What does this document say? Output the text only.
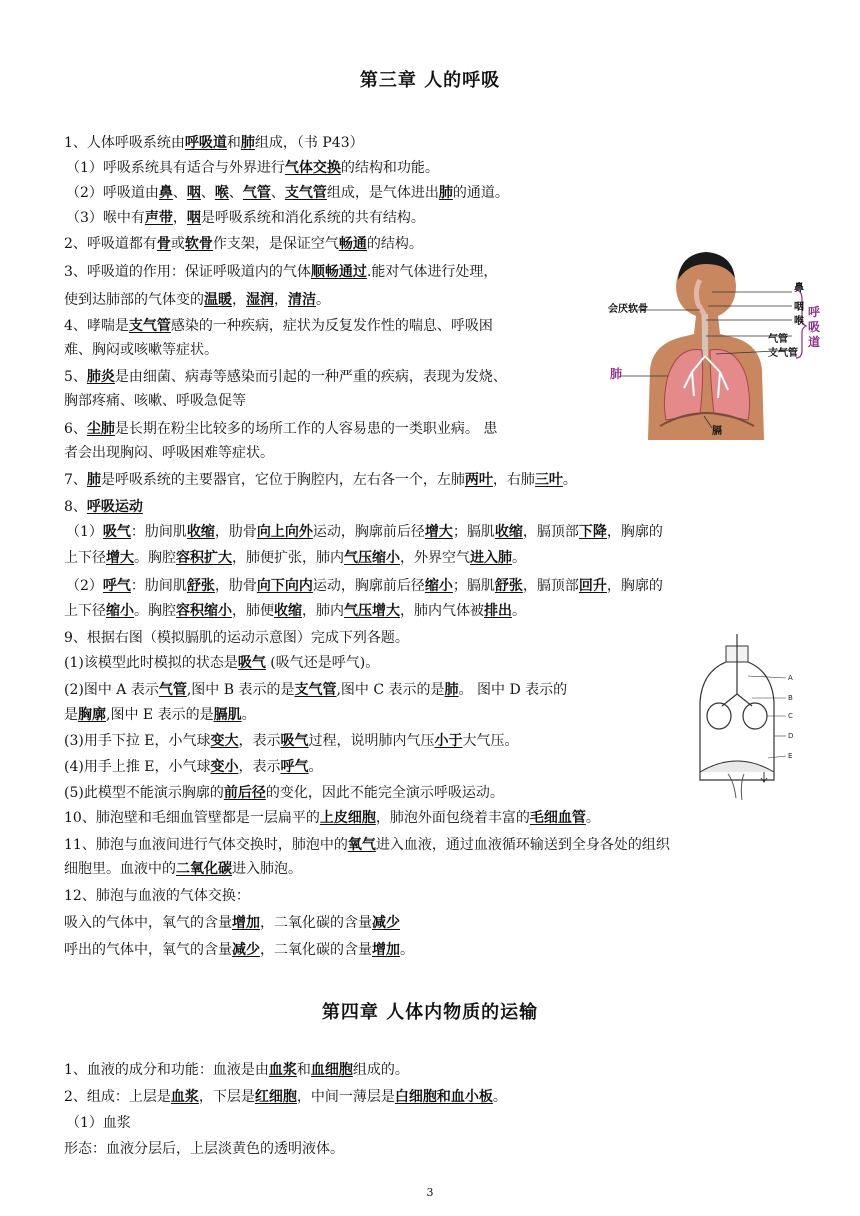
第三章 人的呼吸
1、人体呼吸系统由呼吸道和肺组成，（书 P43）
（1）呼吸系统具有适合与外界进行气体交换的结构和功能。
（2）呼吸道由鼻、咽、喉、气管、支气管组成，是气体进出肺的通道。
（3）喉中有声带，咽是呼吸系统和消化系统的共有结构。
2、呼吸道都有骨或软骨作支架，是保证空气畅通的结构。
3、呼吸道的作用：保证呼吸道内的气体顺畅通过.能对气体进行处理，
使到达肺部的气体变的温暖，湿润，清洁。
4、哮喘是支气管感染的一种疾病，症状为反复发作性的喘息、呼吸困
难、胸闷或咳嗽等症状。
5、肺炎是由细菌、病毒等感染而引起的一种严重的疾病，表现为发烧、
胸部疼痛、咳嗽、呼吸急促等
6、尘肺是长期在粉尘比较多的场所工作的人容易患的一类职业病。 患
者会出现胸闷、呼吸困难等症状。
7、肺是呼吸系统的主要器官，它位于胸腔内，左右各一个，左肺两叶，右肺三叶。
8、呼吸运动
（1）吸气：肋间肌收缩，肋骨向上向外运动，胸廓前后径增大；膈肌收缩，膈顶部下降，胸廓的
上下径增大。胸腔容积扩大，肺便扩张，肺内气压缩小，外界空气进入肺。
（2）呼气：肋间肌舒张，肋骨向下向内运动，胸廓前后径缩小；膈肌舒张，膈顶部回升，胸廓的
上下径缩小。胸腔容积缩小，肺便收缩，肺内气压增大，肺内气体被排出。
9、根据右图（模拟膈肌的运动示意图）完成下列各题。
(1)该模型此时模拟的状态是吸气 (吸气还是呼气)。
(2)图中 A 表示气管,图中 B 表示的是支气管,图中 C 表示的是肺。 图中 D 表示的
是胸廓,图中 E 表示的是膈肌。
(3)用手下拉 E，小气球变大，表示吸气过程，说明肺内气压小于大气压。
(4)用手上推 E，小气球变小，表示呼气。
(5)此模型不能演示胸廓的前后径的变化，因此不能完全演示呼吸运动。
10、肺泡壁和毛细血管壁都是一层扁平的上皮细胞，肺泡外面包绕着丰富的毛细血管。
11、肺泡与血液间进行气体交换时，肺泡中的氧气进入血液，通过血液循环输送到全身各处的组织
细胞里。血液中的二氧化碳进入肺泡。
12、肺泡与血液的气体交换：
吸入的气体中，氧气的含量增加，二氧化碳的含量减少
呼出的气体中，氧气的含量减少，二氧化碳的含量增加。
第四章 人体内物质的运输
1、血液的成分和功能：血液是由血浆和血细胞组成的。
2、组成：上层是血浆，下层是红细胞，中间一薄层是白细胞和血小板。
（1）血浆
形态：血液分层后，上层淡黄色的透明液体。
鼻
咽
喉
气管
支气管
会厌软骨
肺
膈
呼吸道
A
B
C
D
E
3
